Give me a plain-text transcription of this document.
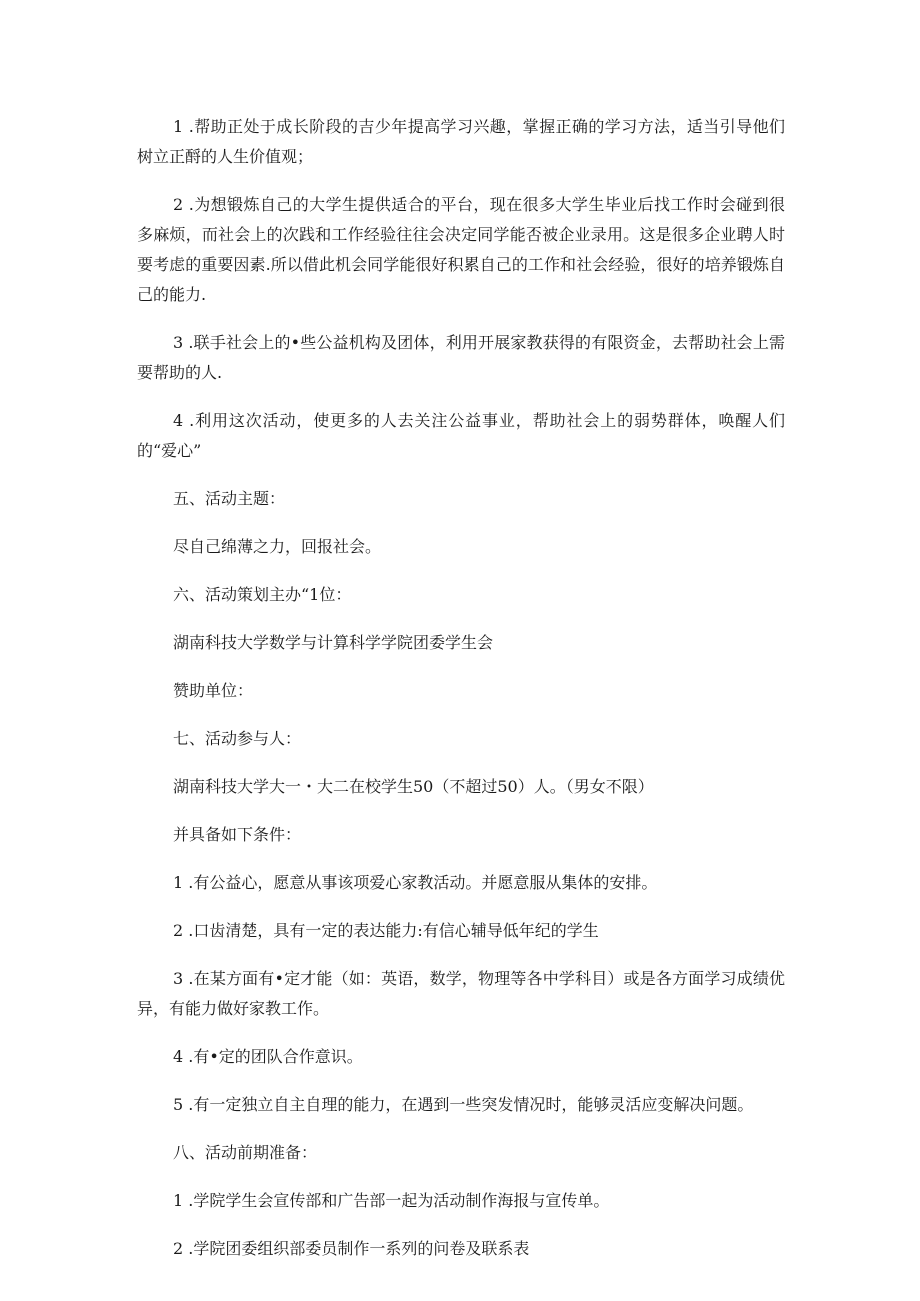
1 .帮助正处于成长阶段的吉少年提高学习兴趣，掌握正确的学习方法，适当引导他们树立正酹的人生价值观；

2 .为想锻炼自己的大学生提供适合的平台，现在很多大学生毕业后找工作时会碰到很多麻烦，而社会上的次践和工作经验往往会决定同学能否被企业录用。这是很多企业聘人时要考虑的重要因素.所以借此机会同学能很好积累自己的工作和社会经验，很好的培养锻炼自己的能力.

3 .联手社会上的•些公益机构及团体，利用开展家教获得的有限资金，去帮助社会上需要帮助的人.

4 .利用这次活动，使更多的人去关注公益事业，帮助社会上的弱势群体，唤醒人们的“爱心”

五、活动主题：

尽自己绵薄之力，回报社会。

六、活动策划主办“1位：

湖南科技大学数学与计算科学学院团委学生会

赞助单位：

七、活动参与人：

湖南科技大学大一・大二在校学生50（不超过50）人。（男女不限）

并具备如下条件：

1 .有公益心，愿意从事该项爱心家教活动。并愿意服从集体的安排。

2 .口齿清楚，具有一定的表达能力:有信心辅导低年纪的学生

3 .在某方面有•定才能（如：英语，数学，物理等各中学科目）或是各方面学习成绩优异，有能力做好家教工作。

4 .有•定的团队合作意识。

5 .有一定独立自主自理的能力，在遇到一些突发情况时，能够灵活应变解决问题。

八、活动前期准备：

1 .学院学生会宣传部和广告部一起为活动制作海报与宣传单。

2 .学院团委组织部委员制作一系列的问卷及联系表
